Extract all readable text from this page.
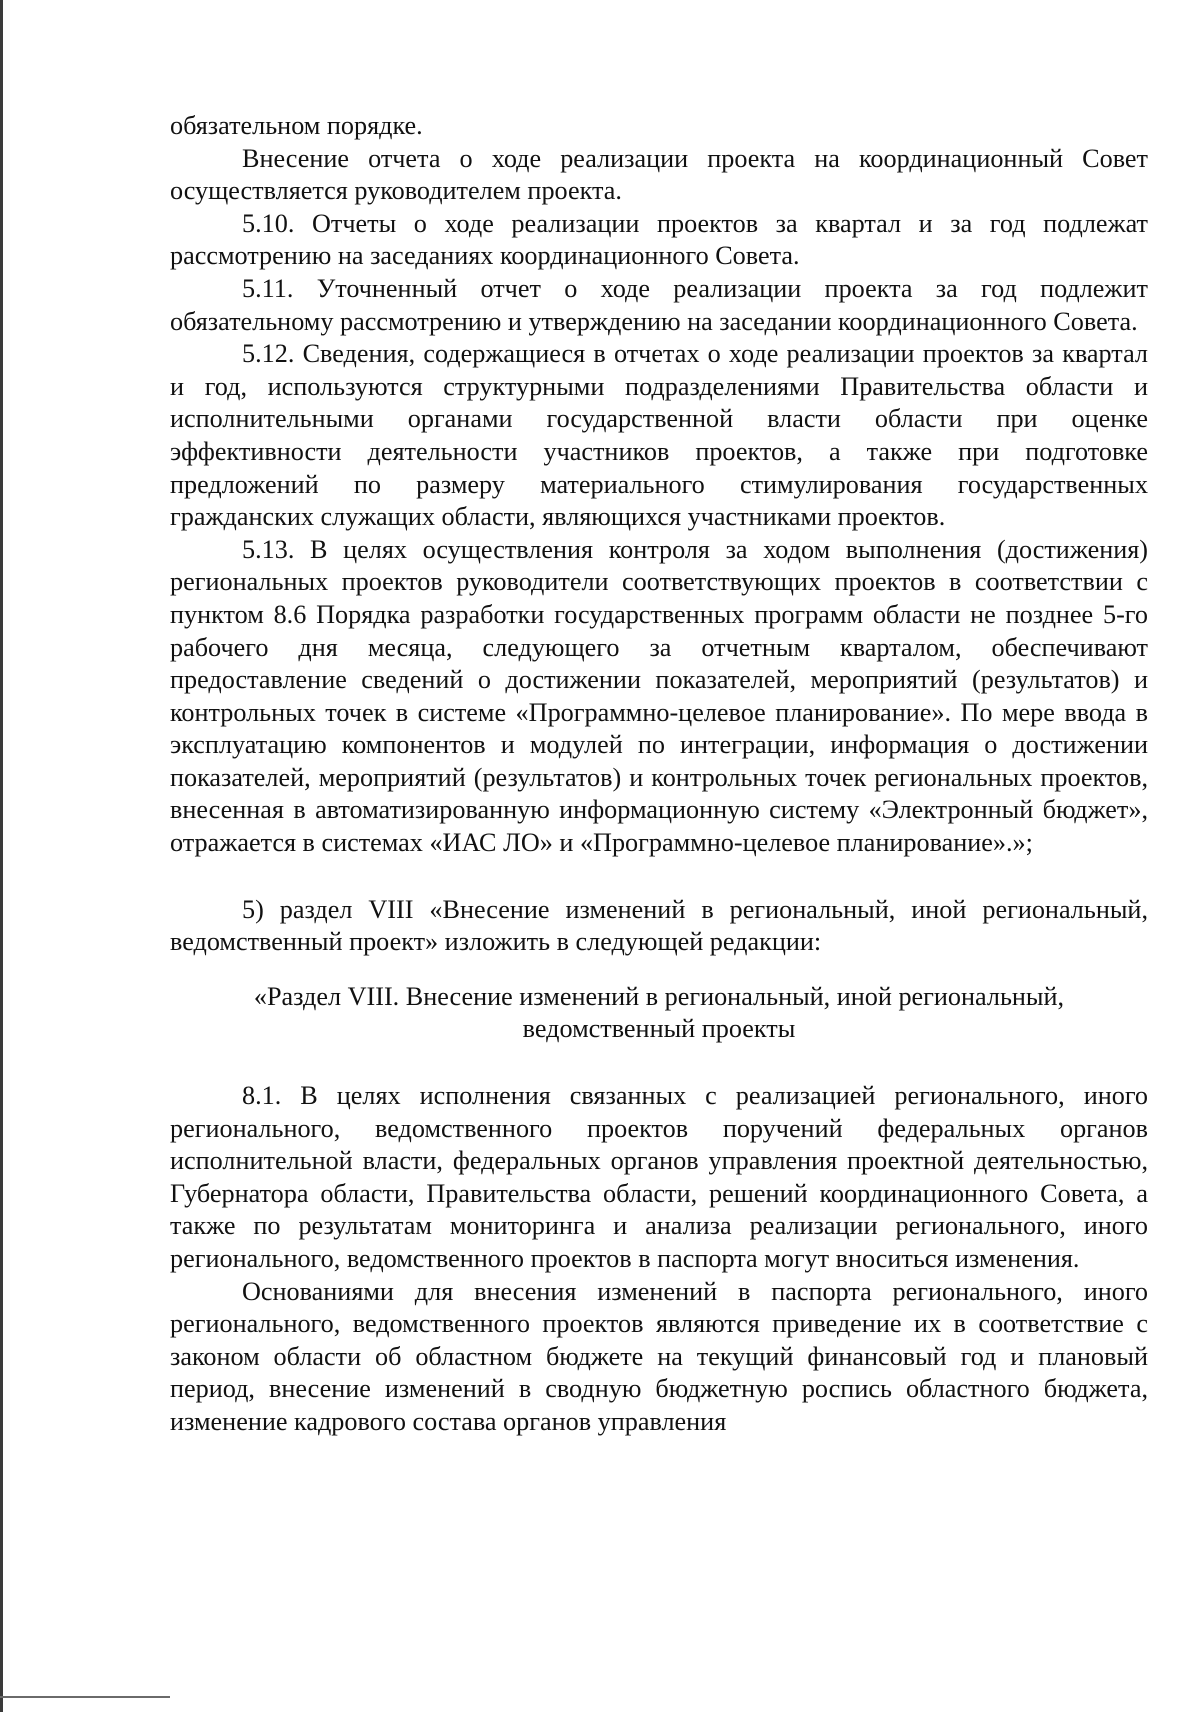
обязательном порядке.

Внесение отчета о ходе реализации проекта на координационный Совет осуществляется руководителем проекта.

5.10. Отчеты о ходе реализации проектов за квартал и за год подлежат рассмотрению на заседаниях координационного Совета.

5.11. Уточненный отчет о ходе реализации проекта за год подлежит обязательному рассмотрению и утверждению на заседании координационного Совета.

5.12. Сведения, содержащиеся в отчетах о ходе реализации проектов за квартал и год, используются структурными подразделениями Правительства области и исполнительными органами государственной власти области при оценке эффективности деятельности участников проектов, а также при подготовке предложений по размеру материального стимулирования государственных гражданских служащих области, являющихся участниками проектов.

5.13. В целях осуществления контроля за ходом выполнения (достижения) региональных проектов руководители соответствующих проектов в соответствии с пунктом 8.6 Порядка разработки государственных программ области не позднее 5-го рабочего дня месяца, следующего за отчетным кварталом, обеспечивают предоставление сведений о достижении показателей, мероприятий (результатов) и контрольных точек в системе «Программно-целевое планирование». По мере ввода в эксплуатацию компонентов и модулей по интеграции, информация о достижении показателей, мероприятий (результатов) и контрольных точек региональных проектов, внесенная в автоматизированную информационную систему «Электронный бюджет», отражается в системах «ИАС ЛО» и «Программно-целевое планирование».»;

5) раздел VIII «Внесение изменений в региональный, иной региональный, ведомственный проект» изложить в следующей редакции:

«Раздел VIII. Внесение изменений в региональный, иной региональный, ведомственный проекты

8.1. В целях исполнения связанных с реализацией регионального, иного регионального, ведомственного проектов поручений федеральных органов исполнительной власти, федеральных органов управления проектной деятельностью, Губернатора области, Правительства области, решений координационного Совета, а также по результатам мониторинга и анализа реализации регионального, иного регионального, ведомственного проектов в паспорта могут вноситься изменения.

Основаниями для внесения изменений в паспорта регионального, иного регионального, ведомственного проектов являются приведение их в соответствие с законом области об областном бюджете на текущий финансовый год и плановый период, внесение изменений в сводную бюджетную роспись областного бюджета, изменение кадрового состава органов управления
